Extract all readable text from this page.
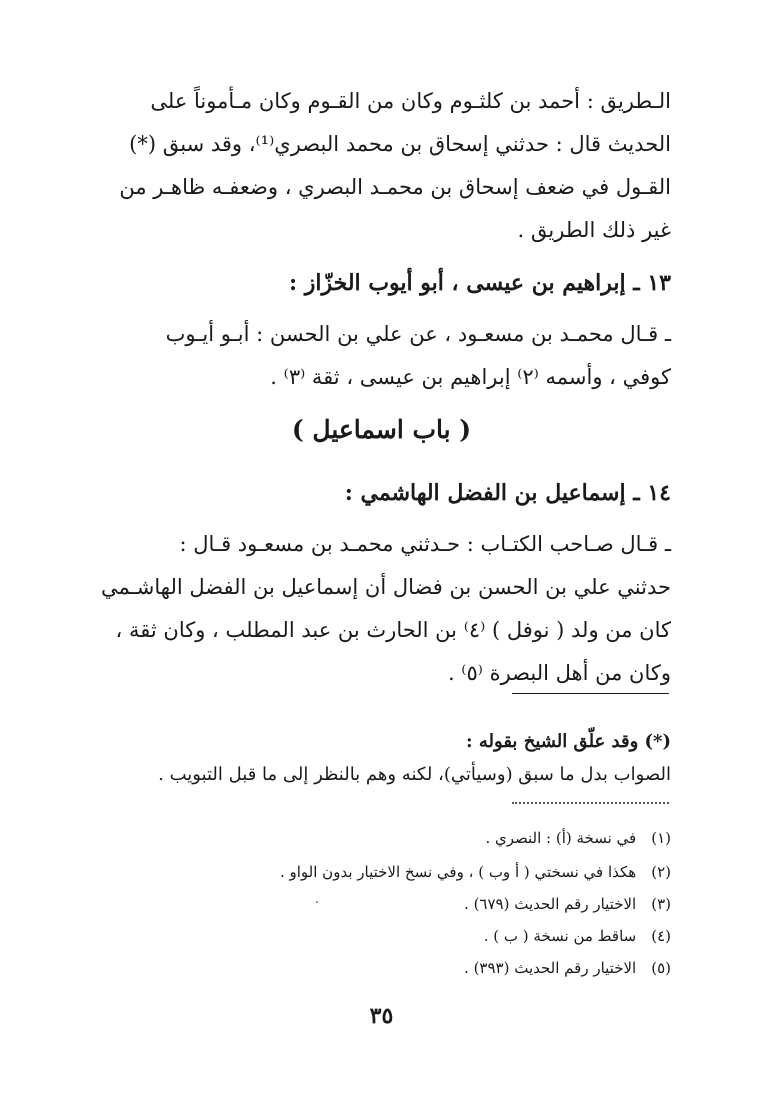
الـطريق : أحمد بن كلثـوم وكان من القـوم وكان مـأموناً على
الحديث قال : حدثني إسحاق بن محمد البصري⁽¹⁾، وقد سبق (*)
القـول في ضعف إسحاق بن محمـد البصري ، وضعفـه ظاهـر من
غير ذلك الطريق .
١٣ ـ إبراهيم بن عيسى ، أبو أيوب الخزّاز :
ـ قـال محمـد بن مسعـود ، عن علي بن الحسن : أبـو أيـوب
كوفي ، وأسمه ⁽٢⁾ إبراهيم بن عيسى ، ثقة ⁽٣⁾ .
( باب اسماعيل )
١٤ ـ إسماعيل بن الفضل الهاشمي :
ـ قـال صـاحب الكتـاب : حـدثني محمـد بن مسعـود قـال :
حدثني علي بن الحسن بن فضال أن إسماعيل بن الفضل الهاشـمي
كان من ولد ( نوفل ) ⁽٤⁾ بن الحارث بن عبد المطلب ، وكان ثقة ،
وكان من أهل البصرة ⁽٥⁾ .
(*) وقد علّق الشيخ بقوله :
الصواب بدل ما سبق (وسيأتي)، لكنه وهم بالنظر إلى ما قبل التبويب .
(١) في نسخة (أ) : النصري .
(٢) هكذا في نسختي ( أ وب ) ، وفي نسخ الاختيار بدون الواو .
(٣) الاختيار رقم الحديث (٦٧٩) .
(٤) ساقط من نسخة ( ب ) .
(٥) الاختيار رقم الحديث (٣٩٣) .
٣٥
